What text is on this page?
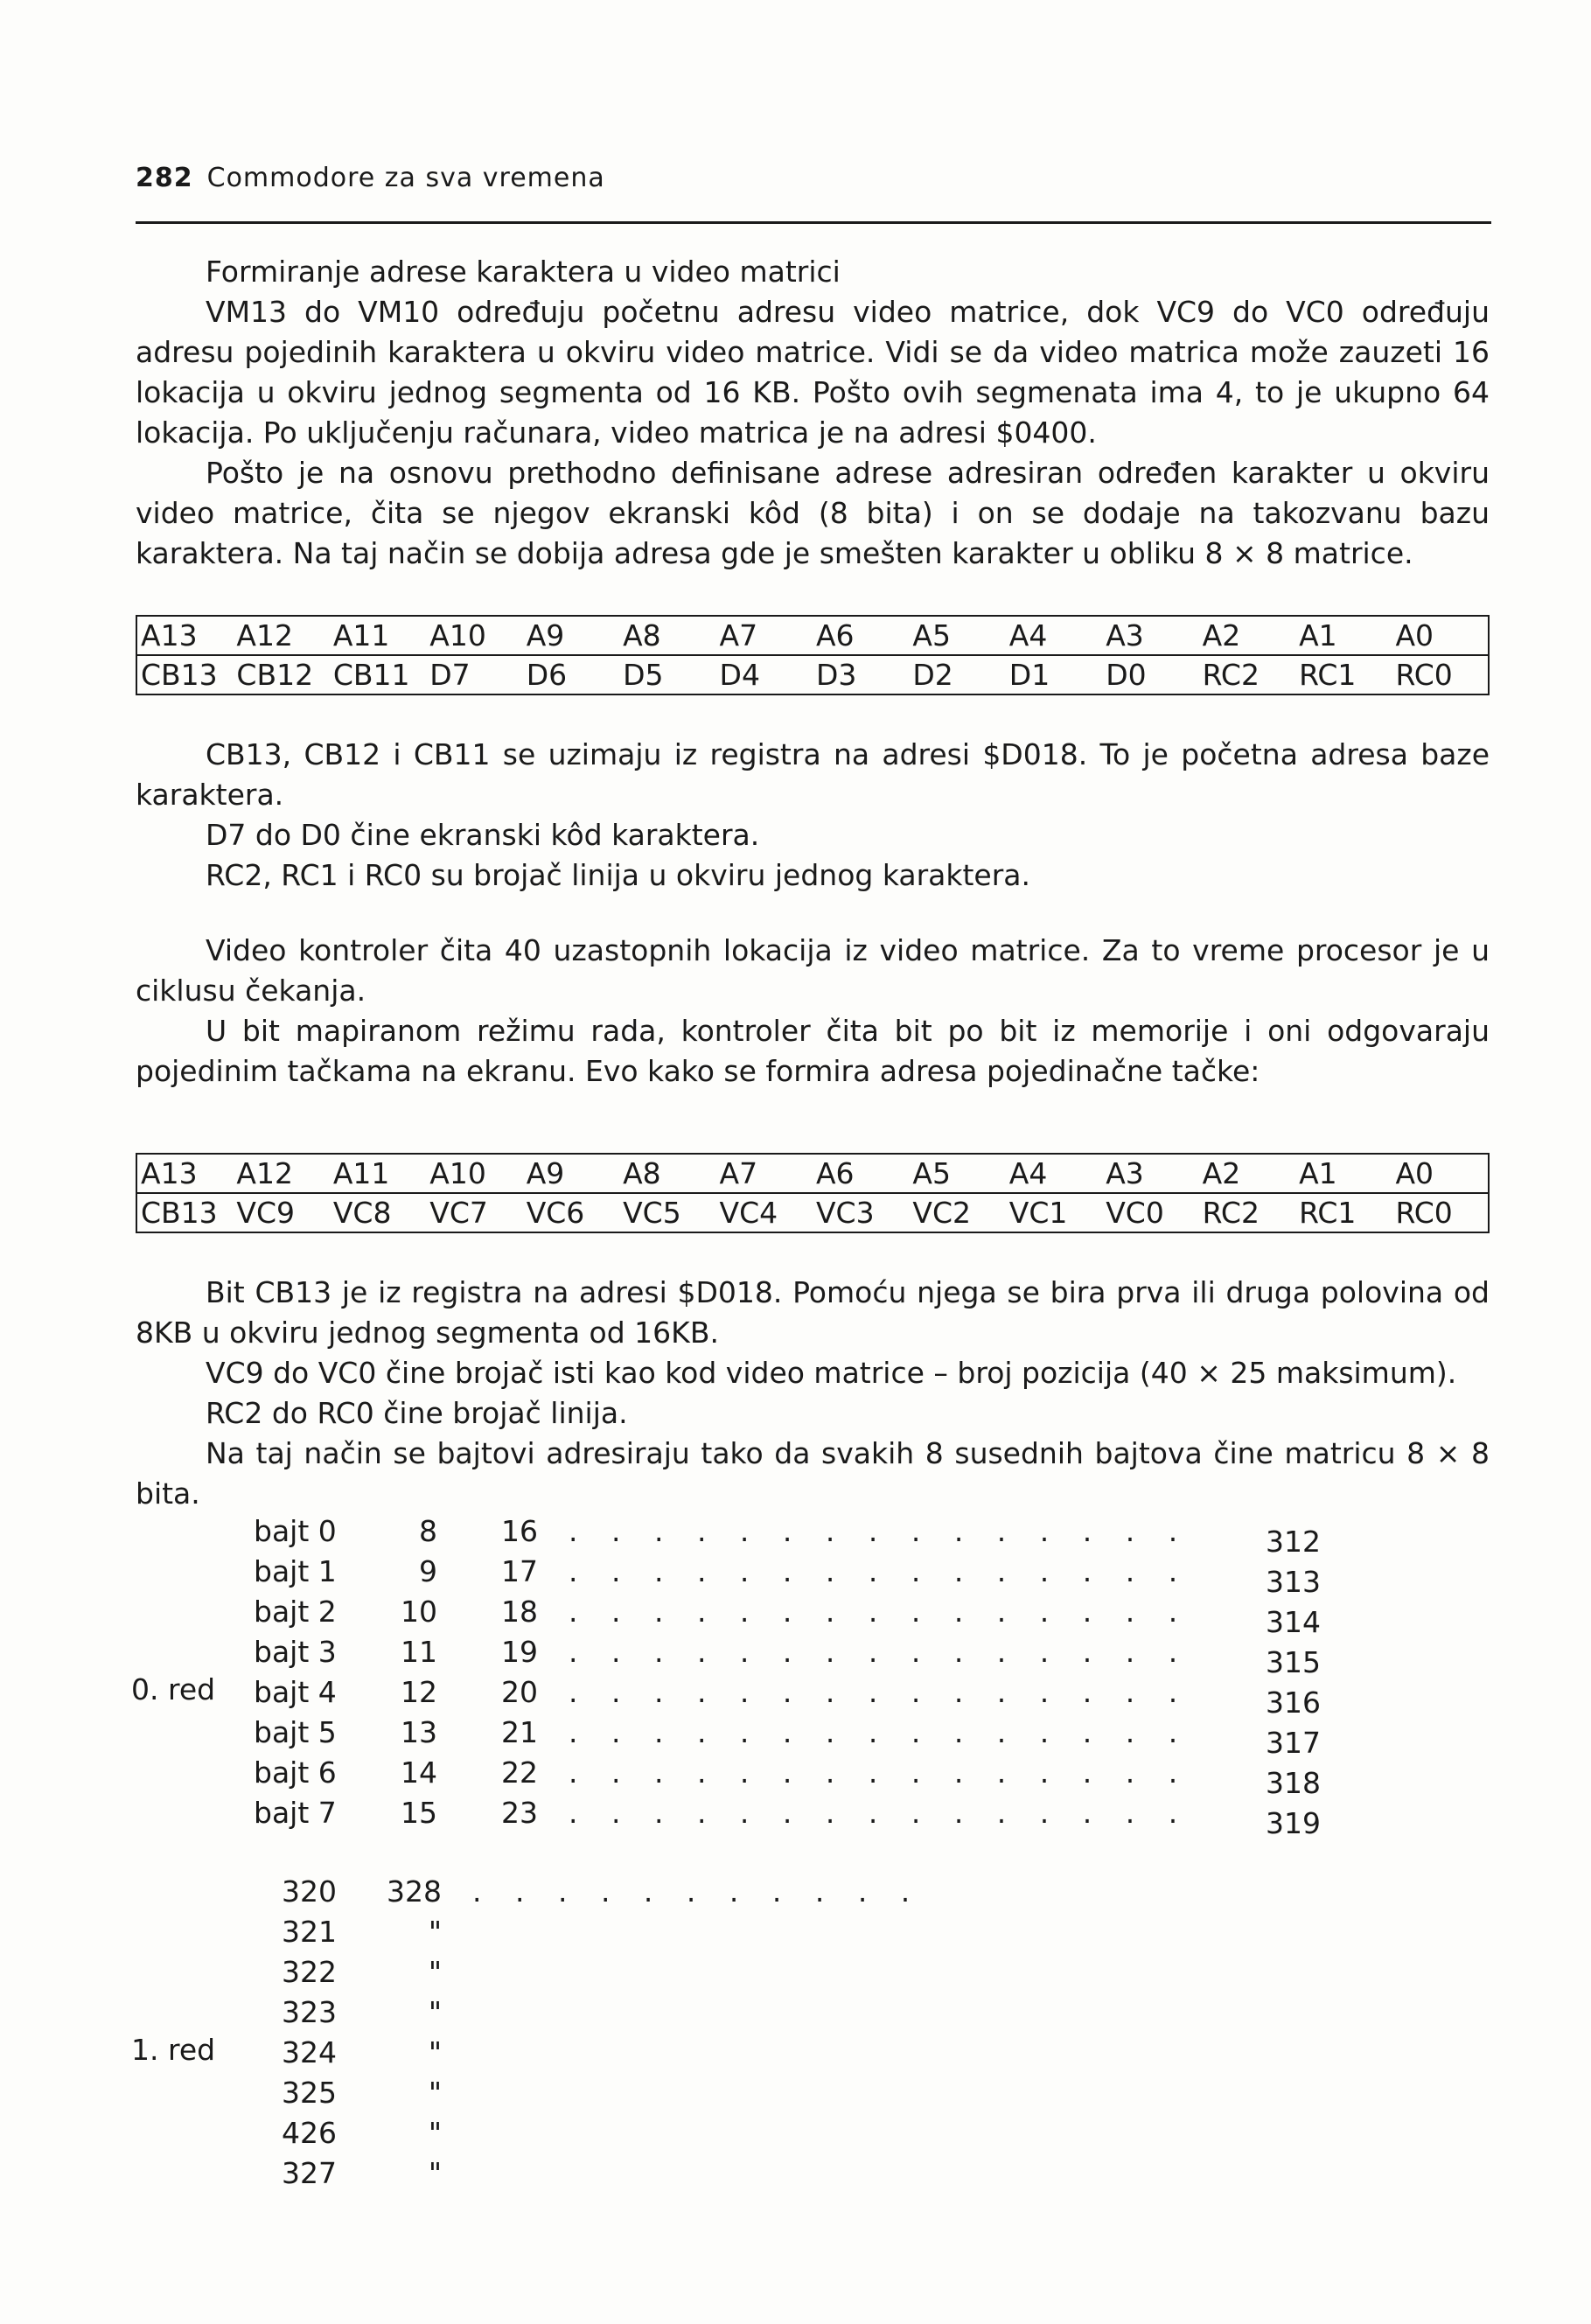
282 Commodore za sva vremena

Formiranje adrese karaktera u video matrici

VM13 do VM10 određuju početnu adresu video matrice, dok VC9 do VC0 određuju adresu pojedinih karaktera u okviru video matrice. Vidi se da video matrica može zauzeti 16 lokacija u okviru jednog segmenta od 16 KB. Pošto ovih segmenata ima 4, to je ukupno 64 lokacija. Po uključenju računara, video matrica je na adresi $0400.

Pošto je na osnovu prethodno definisane adrese adresiran određen karakter u okviru video matrice, čita se njegov ekranski kôd (8 bita) i on se dodaje na takozvanu bazu karaktera. Na taj način se dobija adresa gde je smešten karakter u obliku 8 × 8 matrice.

A13	A12	A11	A10	A9	A8	A7	A6	A5	A4	A3	A2	A1	A0
CB13	CB12	CB11	D7	D6	D5	D4	D3	D2	D1	D0	RC2	RC1	RC0

CB13, CB12 i CB11 se uzimaju iz registra na adresi $D018. To je početna adresa baze karaktera.

D7 do D0 čine ekranski kôd karaktera.

RC2, RC1 i RC0 su brojač linija u okviru jednog karaktera.

Video kontroler čita 40 uzastopnih lokacija iz video matrice. Za to vreme procesor je u ciklusu čekanja.

U bit mapiranom režimu rada, kontroler čita bit po bit iz memorije i oni odgovaraju pojedinim tačkama na ekranu. Evo kako se formira adresa pojedinačne tačke:

A13	A12	A11	A10	A9	A8	A7	A6	A5	A4	A3	A2	A1	A0
CB13	VC9	VC8	VC7	VC6	VC5	VC4	VC3	VC2	VC1	VC0	RC2	RC1	RC0

Bit CB13 je iz registra na adresi $D018. Pomoću njega se bira prva ili druga polovina od 8KB u okviru jednog segmenta od 16KB.

VC9 do VC0 čine brojač isti kao kod video matrice – broj pozicija (40 × 25 maksimum).

RC2 do RC0 čine brojač linija.

Na taj način se bajtovi adresiraju tako da svakih 8 susednih bajtova čine matricu 8 × 8 bita.

bajt 0	8	16 . . . . . . . . . . . . . . .	312
bajt 1	9	17 . . . . . . . . . . . . . . .	313
bajt 2	10	18 . . . . . . . . . . . . . . .	314
bajt 3	11	19 . . . . . . . . . . . . . . .	315
bajt 4	12	20 . . . . . . . . . . . . . . .	316
bajt 5	13	21 . . . . . . . . . . . . . . .	317
bajt 6	14	22 . . . . . . . . . . . . . . .	318
bajt 7	15	23 . . . . . . . . . . . . . . .	319
0. red
320	328 . . . . . . . . . . .
321	"
322	"
323	"
324	"
325	"
426	"
327	"
1. red
